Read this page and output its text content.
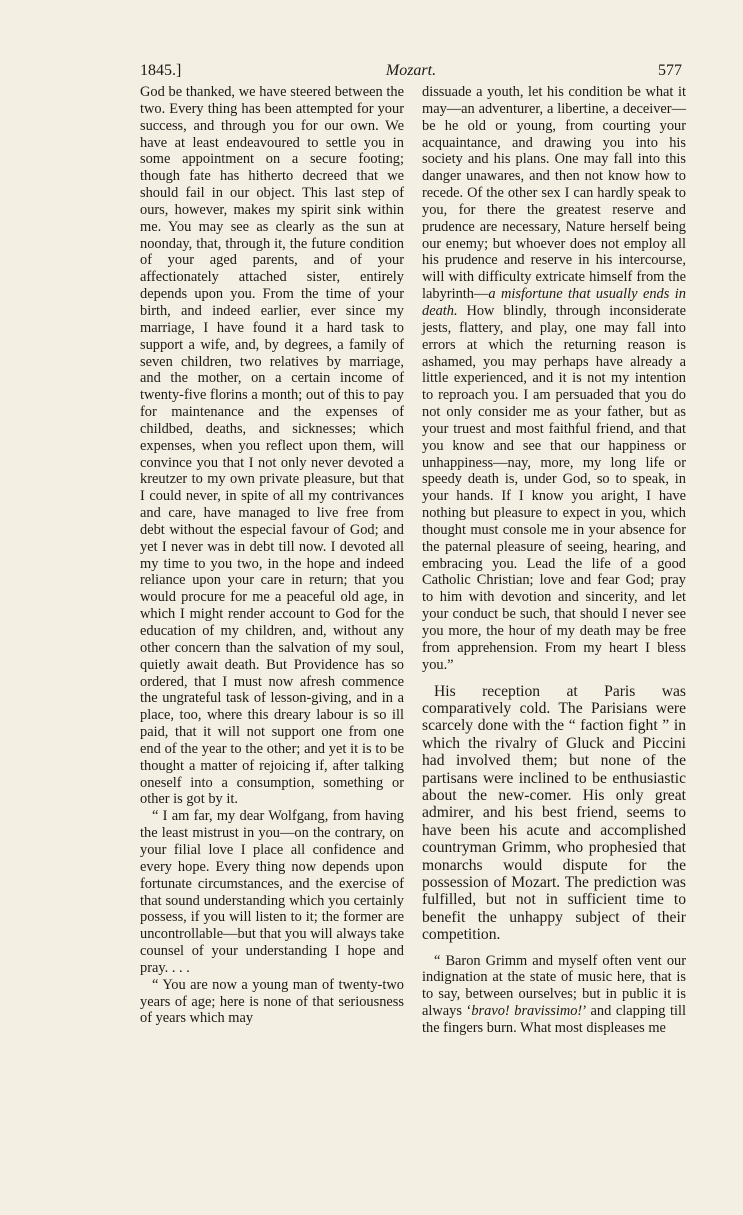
1845.]	Mozart.	577

God be thanked, we have steered between the two. Every thing has been attempted for your success, and through you for our own. We have at least endeavoured to settle you in some appointment on a secure footing; though fate has hitherto decreed that we should fail in our object. This last step of ours, however, makes my spirit sink within me. You may see as clearly as the sun at noonday, that, through it, the future condition of your aged parents, and of your affectionately attached sister, entirely depends upon you. From the time of your birth, and indeed earlier, ever since my marriage, I have found it a hard task to support a wife, and, by degrees, a family of seven children, two relatives by marriage, and the mother, on a certain income of twenty-five florins a month; out of this to pay for maintenance and the expenses of childbed, deaths, and sicknesses; which expenses, when you reflect upon them, will convince you that I not only never devoted a kreutzer to my own private pleasure, but that I could never, in spite of all my contrivances and care, have managed to live free from debt without the especial favour of God; and yet I never was in debt till now. I devoted all my time to you two, in the hope and indeed reliance upon your care in return; that you would procure for me a peaceful old age, in which I might render account to God for the education of my children, and, without any other concern than the salvation of my soul, quietly await death. But Providence has so ordered, that I must now afresh commence the ungrateful task of lesson-giving, and in a place, too, where this dreary labour is so ill paid, that it will not support one from one end of the year to the other; and yet it is to be thought a matter of rejoicing if, after talking oneself into a consumption, something or other is got by it.

“ I am far, my dear Wolfgang, from having the least mistrust in you—on the contrary, on your filial love I place all confidence and every hope. Every thing now depends upon fortunate circumstances, and the exercise of that sound understanding which you certainly possess, if you will listen to it; the former are uncontrollable—but that you will always take counsel of your understanding I hope and pray. . . .

“ You are now a young man of twenty-two years of age; here is none of that seriousness of years which may

dissuade a youth, let his condition be what it may—an adventurer, a libertine, a deceiver—be he old or young, from courting your acquaintance, and drawing you into his society and his plans. One may fall into this danger unawares, and then not know how to recede. Of the other sex I can hardly speak to you, for there the greatest reserve and prudence are necessary, Nature herself being our enemy; but whoever does not employ all his prudence and reserve in his intercourse, will with difficulty extricate himself from the labyrinth—a misfortune that usually ends in death. How blindly, through inconsiderate jests, flattery, and play, one may fall into errors at which the returning reason is ashamed, you may perhaps have already a little experienced, and it is not my intention to reproach you. I am persuaded that you do not only consider me as your father, but as your truest and most faithful friend, and that you know and see that our happiness or unhappiness—nay, more, my long life or speedy death is, under God, so to speak, in your hands. If I know you aright, I have nothing but pleasure to expect in you, which thought must console me in your absence for the paternal pleasure of seeing, hearing, and embracing you. Lead the life of a good Catholic Christian; love and fear God; pray to him with devotion and sincerity, and let your conduct be such, that should I never see you more, the hour of my death may be free from apprehension. From my heart I bless you.”

His reception at Paris was comparatively cold. The Parisians were scarcely done with the “ faction fight ” in which the rivalry of Gluck and Piccini had involved them; but none of the partisans were inclined to be enthusiastic about the new-comer. His only great admirer, and his best friend, seems to have been his acute and accomplished countryman Grimm, who prophesied that monarchs would dispute for the possession of Mozart. The prediction was fulfilled, but not in sufficient time to benefit the unhappy subject of their competition.

“ Baron Grimm and myself often vent our indignation at the state of music here, that is to say, between ourselves; but in public it is always ‘bravo! bravissimo!’ and clapping till the fingers burn. What most displeases me
